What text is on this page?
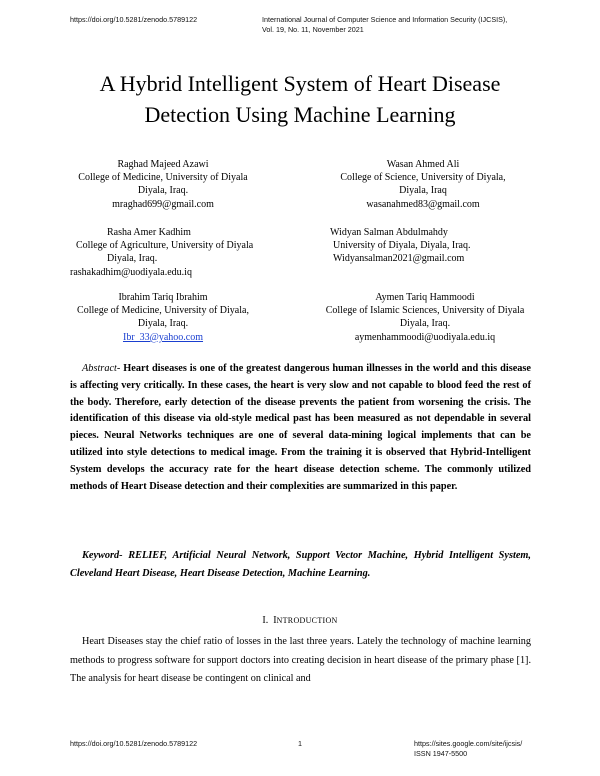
https://doi.org/10.5281/zenodo.5789122	International Journal of Computer Science and Information Security (IJCSIS),
Vol. 19, No. 11, November 2021
A Hybrid Intelligent System of Heart Disease
Detection Using Machine Learning
Raghad Majeed Azawi
College of Medicine, University of Diyala
Diyala, Iraq.
mraghad699@gmail.com
Wasan Ahmed Ali
College of Science, University of Diyala,
Diyala, Iraq
wasanahmed83@gmail.com
Rasha Amer Kadhim
College of Agriculture, University of Diyala
Diyala, Iraq.
rashakadhim@uodiyala.edu.iq
Widyan Salman Abdulmahdy
University of Diyala, Diyala, Iraq.
Widyansalman2021@gmail.com
Ibrahim Tariq Ibrahim
College of Medicine, University of Diyala,
Diyala, Iraq.
Ibr_33@yahoo.com
Aymen Tariq Hammoodi
College of Islamic Sciences, University of Diyala
Diyala, Iraq.
aymenhammoodi@uodiyala.edu.iq
Abstract- Heart diseases is one of the greatest dangerous human illnesses in the world and this disease is affecting very critically. In these cases, the heart is very slow and not capable to blood feed the rest of the body. Therefore, early detection of the disease prevents the patient from worsening the crisis. The identification of this disease via old-style medical past has been measured as not dependable in several pieces. Neural Networks techniques are one of several data-mining logical implements that can be utilized into style detections to medical image. From the training it is observed that Hybrid-Intelligent System develops the accuracy rate for the heart disease detection scheme. The commonly utilized methods of Heart Disease detection and their complexities are summarized in this paper.
Keyword- RELIEF, Artificial Neural Network, Support Vector Machine, Hybrid Intelligent System, Cleveland Heart Disease, Heart Disease Detection, Machine Learning.
I. INTRODUCTION
Heart Diseases stay the chief ratio of losses in the last three years. Lately the technology of machine learning methods to progress software for support doctors into creating decision in heart disease of the primary phase [1]. The analysis for heart disease be contingent on clinical and
https://doi.org/10.5281/zenodo.5789122	1	https://sites.google.com/site/ijcsis/
ISSN 1947-5500
